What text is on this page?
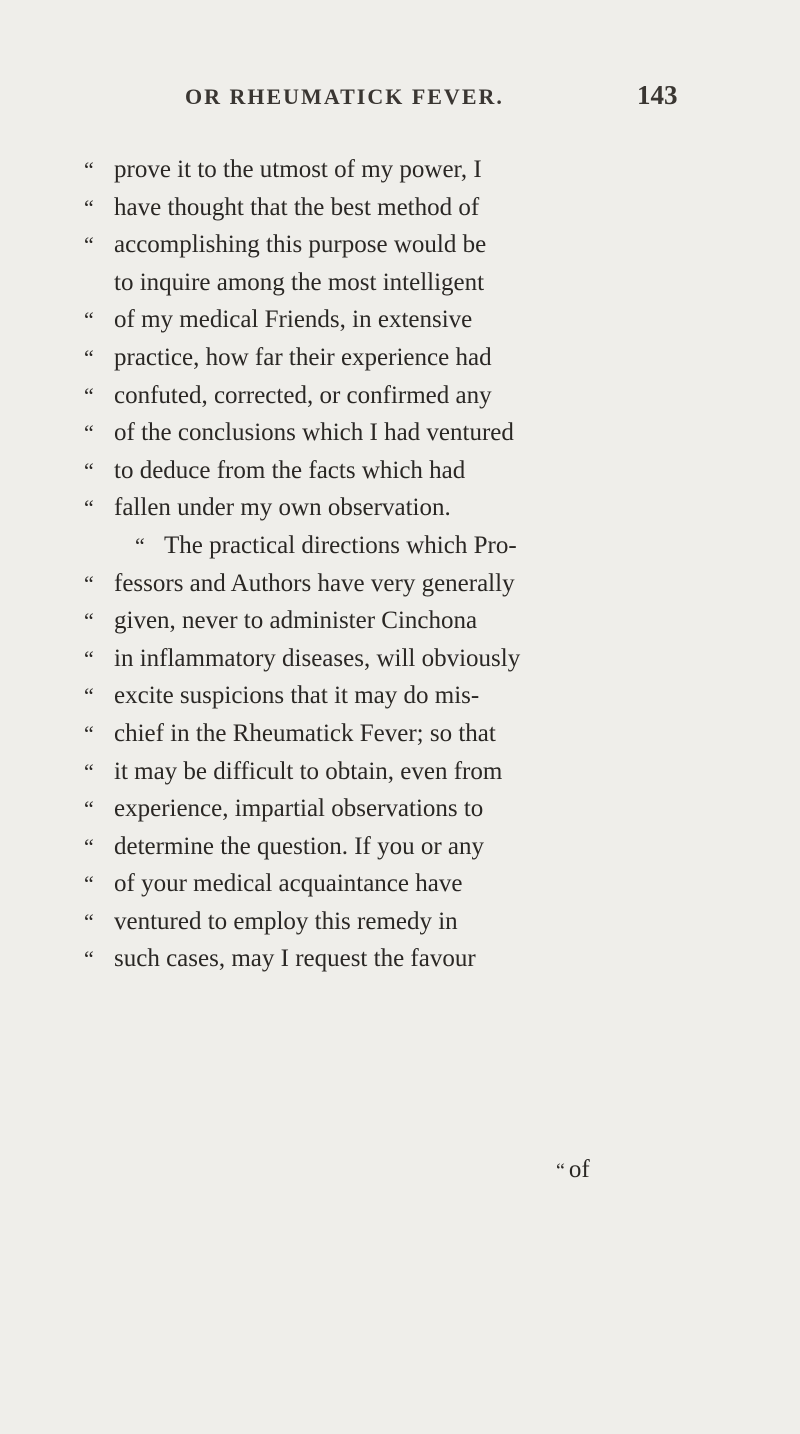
OR RHEUMATICK FEVER.	143
“ prove it to the utmost of my power, I
“ have thought that the best method of
“ accomplishing this purpose would be
to inquire among the most intelligent
“ of my medical Friends, in extensive
“ practice, how far their experience had
“ confuted, corrected, or confirmed any
“ of the conclusions which I had ventured
“ to deduce from the facts which had
“ fallen under my own observation.
“ The practical directions which Pro-
“ fessors and Authors have very generally
“ given, never to administer Cinchona
“ in inflammatory diseases, will obviously
“ excite suspicions that it may do mis-
“ chief in the Rheumatick Fever; so that
“ it may be difficult to obtain, even from
“ experience, impartial observations to
“ determine the question. If you or any
“ of your medical acquaintance have
“ ventured to employ this remedy in
“ such cases, may I request the favour
“ of
